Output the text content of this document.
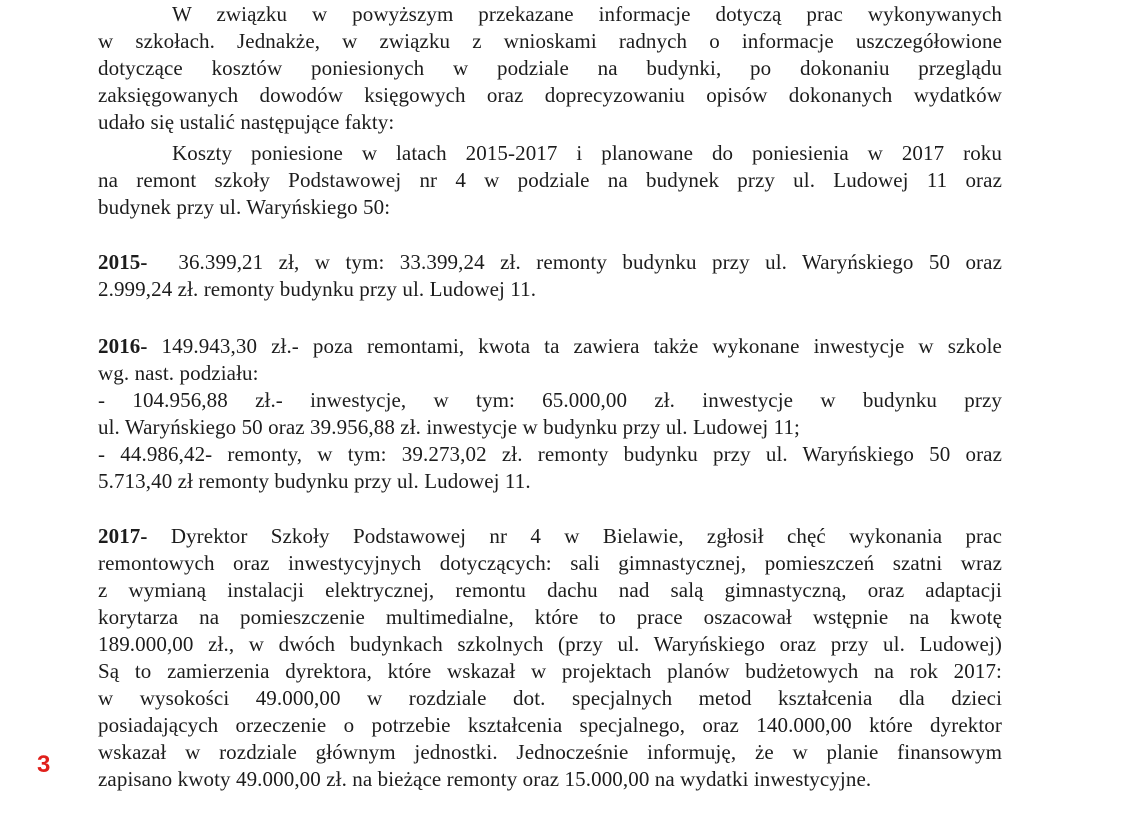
W związku w powyższym przekazane informacje dotyczą prac wykonywanych
w szkołach. Jednakże, w związku z wnioskami radnych o informacje uszczegółowione
dotyczące kosztów poniesionych w podziale na budynki, po dokonaniu przeglądu
zaksięgowanych dowodów księgowych oraz doprecyzowaniu opisów dokonanych wydatków
udało się ustalić następujące fakty:
Koszty poniesione w latach 2015-2017 i planowane do poniesienia w 2017 roku
na remont szkoły Podstawowej nr 4 w podziale na budynek przy ul. Ludowej 11 oraz
budynek przy ul. Waryńskiego 50:
2015- 36.399,21 zł, w tym: 33.399,24 zł. remonty budynku przy ul. Waryńskiego 50 oraz
2.999,24 zł. remonty budynku przy ul. Ludowej 11.
2016- 149.943,30 zł.- poza remontami, kwota ta zawiera także wykonane inwestycje w szkole
wg. nast. podziału:
- 104.956,88 zł.- inwestycje, w tym: 65.000,00 zł. inwestycje w budynku przy
ul. Waryńskiego 50 oraz 39.956,88 zł. inwestycje w budynku przy ul. Ludowej 11;
- 44.986,42- remonty, w tym: 39.273,02 zł. remonty budynku przy ul. Waryńskiego 50 oraz
5.713,40 zł remonty budynku przy ul. Ludowej 11.
2017- Dyrektor Szkoły Podstawowej nr 4 w Bielawie, zgłosił chęć wykonania prac
remontowych oraz inwestycyjnych dotyczących: sali gimnastycznej, pomieszczeń szatni wraz
z wymianą instalacji elektrycznej, remontu dachu nad salą gimnastyczną, oraz adaptacji
korytarza na pomieszczenie multimedialne, które to prace oszacował wstępnie na kwotę
189.000,00 zł., w dwóch budynkach szkolnych (przy ul. Waryńskiego oraz przy ul. Ludowej)
Są to zamierzenia dyrektora, które wskazał w projektach planów budżetowych na rok 2017:
w wysokości 49.000,00 w rozdziale dot. specjalnych metod kształcenia dla dzieci
posiadających orzeczenie o potrzebie kształcenia specjalnego, oraz 140.000,00 które dyrektor
wskazał w rozdziale głównym jednostki. Jednocześnie informuję, że w planie finansowym
zapisano kwoty 49.000,00 zł. na bieżące remonty oraz 15.000,00 na wydatki inwestycyjne.
3
